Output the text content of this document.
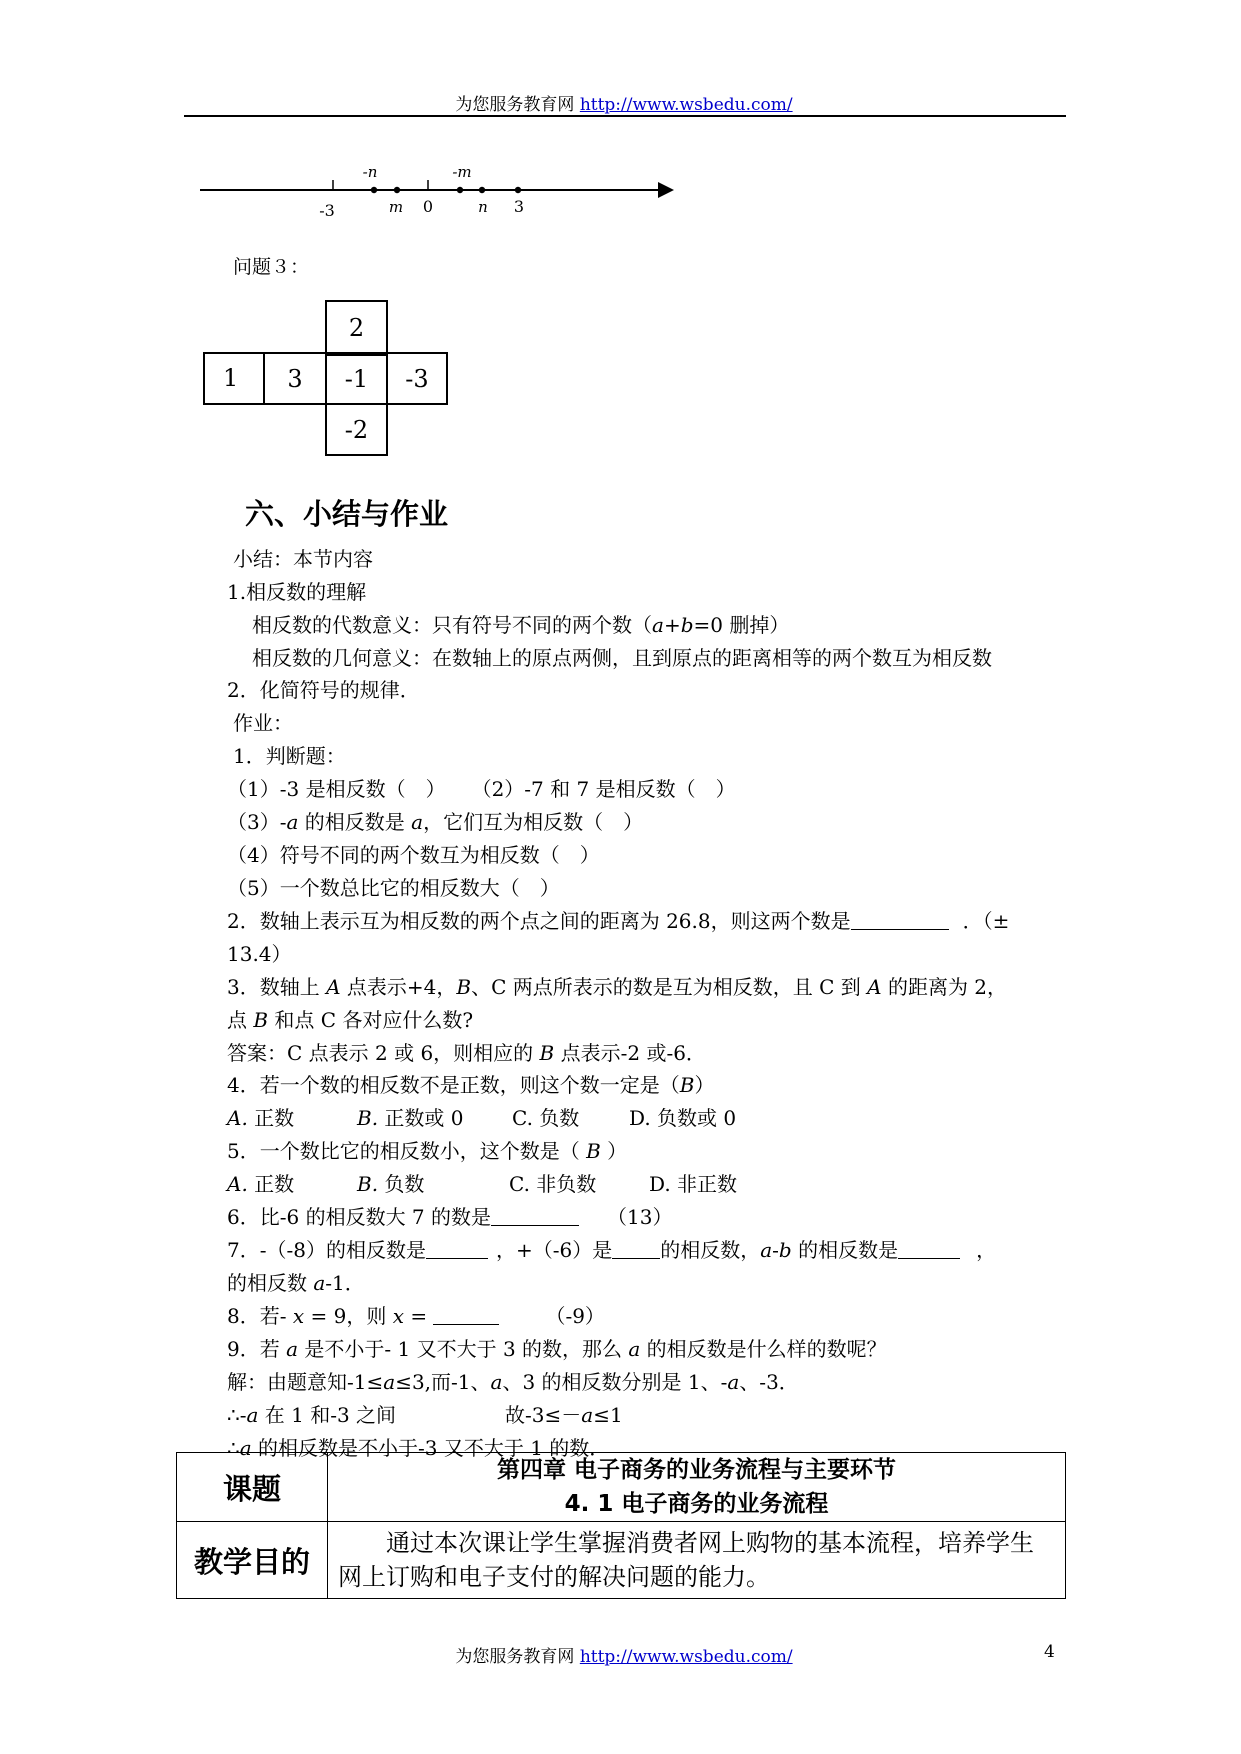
为您服务教育网 http://www.wsbedu.com/
-n	-m
-3	m 0	n 3
问题３：
2
1	3	-1	-3
-2
六、小结与作业
小结：本节内容
1.相反数的理解
相反数的代数意义：只有符号不同的两个数（a+b=0 删掉）
相反数的几何意义：在数轴上的原点两侧，且到原点的距离相等的两个数互为相反数
2．化简符号的规律．
作业：
1．判断题：
（1）-3 是相反数（　） （2）-7 和 7 是相反数（　）
（3）-a 的相反数是 a，它们互为相反数（　）
（4）符号不同的两个数互为相反数（　）
（5）一个数总比它的相反数大（　）
2．数轴上表示互为相反数的两个点之间的距离为 26.8，则这两个数是	．（±
13.4）
3．数轴上 A 点表示+4，B、C 两点所表示的数是互为相反数，且 C 到 A 的距离为 2，
点 B 和点 C 各对应什么数?
答案：C 点表示 2 或 6，则相应的 B 点表示-2 或-6．
4．若一个数的相反数不是正数，则这个数一定是（B）
A. 正数	B. 正数或 0 C. 负数 D. 负数或 0
5．一个数比它的相反数小，这个数是（ B ）
A. 正数	B. 负数	C. 非负数	D. 非正数
6．比-6 的相反数大 7 的数是	（13）
7．-（-8）的相反数是	，+（-6）是 的相反数，a-b 的相反数是	，
的相反数 a-1．
8．若- x = 9，则 x =	（-9）
9．若 a 是不小于- 1 又不大于 3 的数，那么 a 的相反数是什么样的数呢？
解：由题意知-1≤a≤3,而-1、a、3 的相反数分别是 1、-a、-3．
∴-a 在 1 和-3 之间	故-3≤－a≤1
∴a 的相反数是不小于-3 又不大于 1 的数．
课题	第四章 电子商务的业务流程与主要环节
4. 1 电子商务的业务流程

教学目的	通过本次课让学生掌握消费者网上购物的基本流程，培养学生网上订购和电子支付的解决问题的能力。
为您服务教育网 http://www.wsbedu.com/	4
